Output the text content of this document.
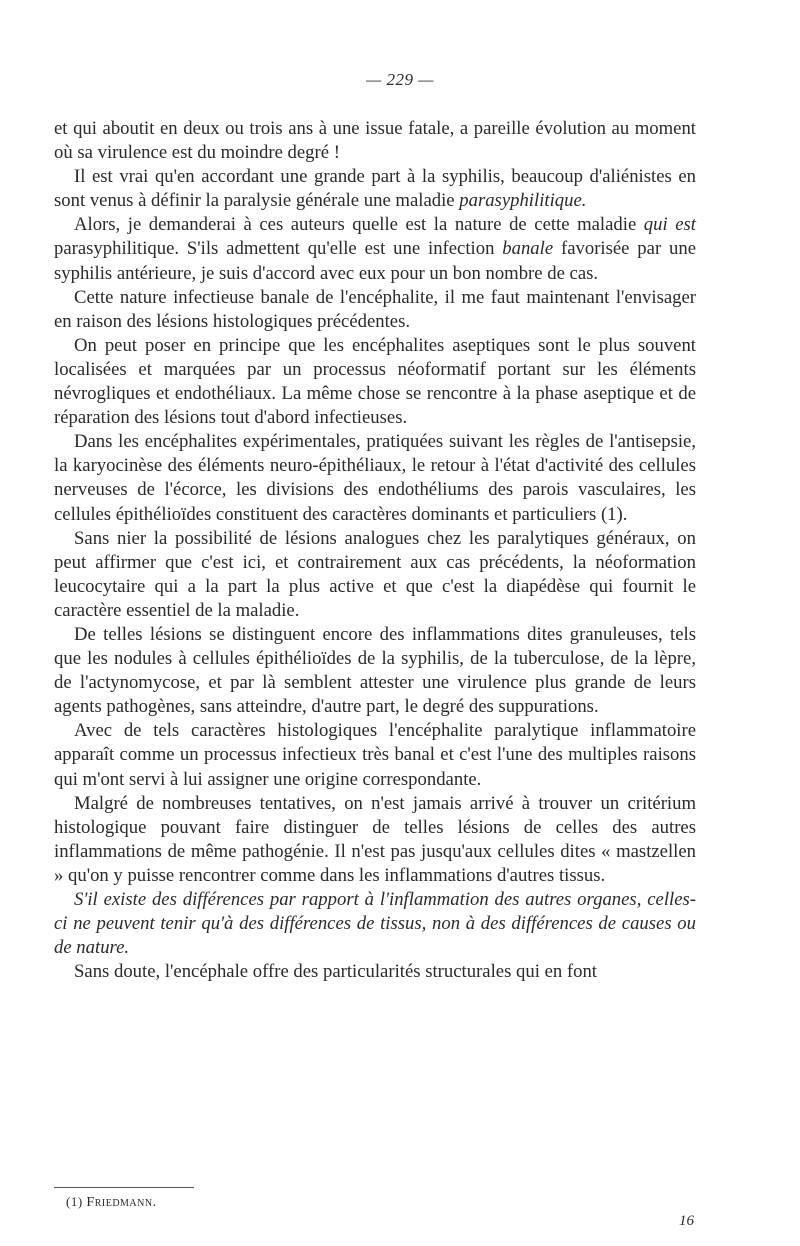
— 229 —

et qui aboutit en deux ou trois ans à une issue fatale, a pareille évolution au moment où sa virulence est du moindre degré !

Il est vrai qu'en accordant une grande part à la syphilis, beaucoup d'aliénistes en sont venus à définir la paralysie générale une maladie parasyphilitique.

Alors, je demanderai à ces auteurs quelle est la nature de cette maladie qui est parasyphilitique. S'ils admettent qu'elle est une infection banale favorisée par une syphilis antérieure, je suis d'accord avec eux pour un bon nombre de cas.

Cette nature infectieuse banale de l'encéphalite, il me faut maintenant l'envisager en raison des lésions histologiques précédentes.

On peut poser en principe que les encéphalites aseptiques sont le plus souvent localisées et marquées par un processus néoformatif portant sur les éléments névrogliques et endothéliaux. La même chose se rencontre à la phase aseptique et de réparation des lésions tout d'abord infectieuses.

Dans les encéphalites expérimentales, pratiquées suivant les règles de l'antisepsie, la karyocinèse des éléments neuro-épithéliaux, le retour à l'état d'activité des cellules nerveuses de l'écorce, les divisions des endothéliums des parois vasculaires, les cellules épithélioïdes constituent des caractères dominants et particuliers (1).

Sans nier la possibilité de lésions analogues chez les paralytiques généraux, on peut affirmer que c'est ici, et contrairement aux cas précédents, la néoformation leucocytaire qui a la part la plus active et que c'est la diapédèse qui fournit le caractère essentiel de la maladie.

De telles lésions se distinguent encore des inflammations dites granuleuses, tels que les nodules à cellules épithélioïdes de la syphilis, de la tuberculose, de la lèpre, de l'actynomycose, et par là semblent attester une virulence plus grande de leurs agents pathogènes, sans atteindre, d'autre part, le degré des suppurations.

Avec de tels caractères histologiques l'encéphalite paralytique inflammatoire apparaît comme un processus infectieux très banal et c'est l'une des multiples raisons qui m'ont servi à lui assigner une origine correspondante.

Malgré de nombreuses tentatives, on n'est jamais arrivé à trouver un critérium histologique pouvant faire distinguer de telles lésions de celles des autres inflammations de même pathogénie. Il n'est pas jusqu'aux cellules dites « mastzellen » qu'on y puisse rencontrer comme dans les inflammations d'autres tissus.

S'il existe des différences par rapport à l'inflammation des autres organes, celles-ci ne peuvent tenir qu'à des différences de tissus, non à des différences de causes ou de nature.

Sans doute, l'encéphale offre des particularités structurales qui en font

(1) Friedmann.
16
